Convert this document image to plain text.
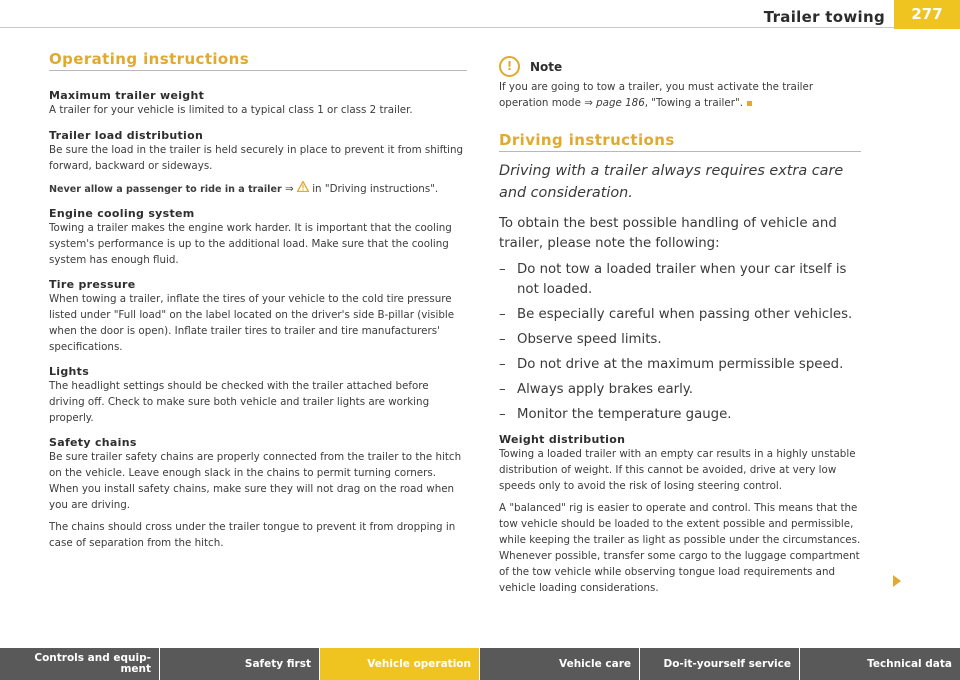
Trailer towing	277
Operating instructions
Maximum trailer weight

A trailer for your vehicle is limited to a typical class 1 or class 2 trailer.

Trailer load distribution

Be sure the load in the trailer is held securely in place to prevent it from shifting forward, backward or sideways.

Never allow a passenger to ride in a trailer ⇒  in "Driving instructions".

Engine cooling system

Towing a trailer makes the engine work harder. It is important that the cooling system's performance is up to the additional load. Make sure that the cooling system has enough fluid.

Tire pressure

When towing a trailer, inflate the tires of your vehicle to the cold tire pressure listed under "Full load" on the label located on the driver's side B-pillar (visible when the door is open). Inflate trailer tires to trailer and tire manufacturers' specifications.

Lights

The headlight settings should be checked with the trailer attached before driving off. Check to make sure both vehicle and trailer lights are working properly.

Safety chains

Be sure trailer safety chains are properly connected from the trailer to the hitch on the vehicle. Leave enough slack in the chains to permit turning corners. When you install safety chains, make sure they will not drag on the road when you are driving.

The chains should cross under the trailer tongue to prevent it from dropping in case of separation from the hitch.

!	Note

If you are going to tow a trailer, you must activate the trailer operation mode ⇒ page 186, "Towing a trailer".

Driving instructions

Driving with a trailer always requires extra care and consideration.

To obtain the best possible handling of vehicle and trailer, please note the following:

– Do not tow a loaded trailer when your car itself is not loaded.
– Be especially careful when passing other vehicles.
– Observe speed limits.
– Do not drive at the maximum permissible speed.
– Always apply brakes early.
– Monitor the temperature gauge.
Weight distribution

Towing a loaded trailer with an empty car results in a highly unstable distribution of weight. If this cannot be avoided, drive at very low speeds only to avoid the risk of losing steering control.

A "balanced" rig is easier to operate and control. This means that the tow vehicle should be loaded to the extent possible and permissible, while keeping the trailer as light as possible under the circumstances. Whenever possible, transfer some cargo to the luggage compartment of the tow vehicle while observing tongue load requirements and vehicle loading considerations.

Controls and equip-
ment	Safety first	Vehicle operation	Vehicle care	Do-it-yourself service	Technical data
